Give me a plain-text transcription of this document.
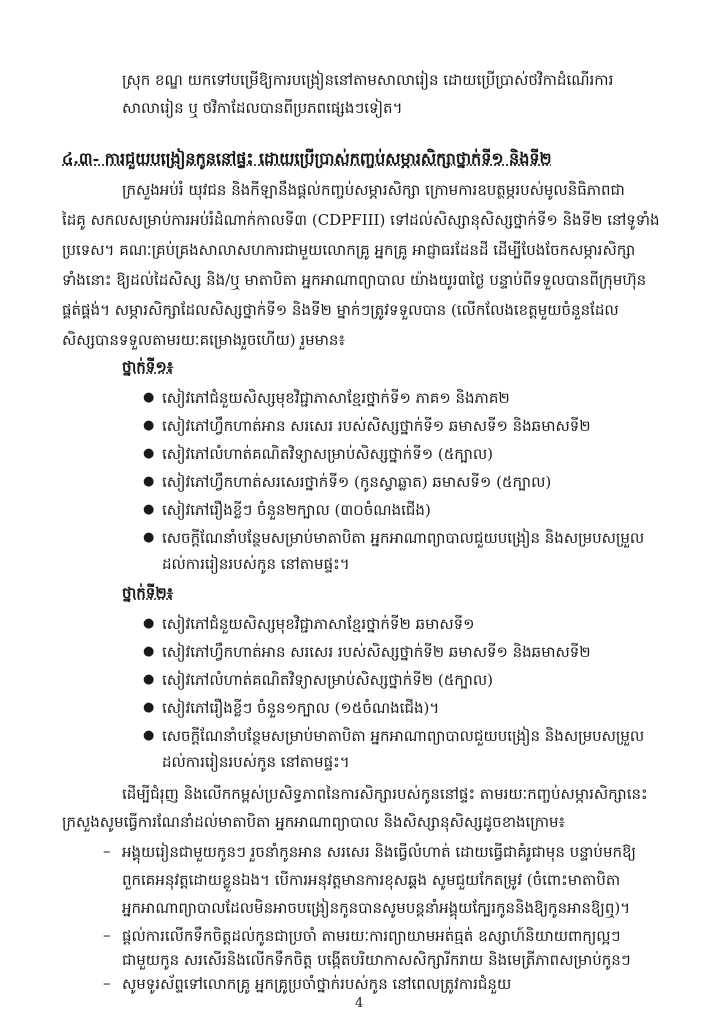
ស្រុក ខណ្ឌ យកទៅបម្រើឱ្យការបង្រៀននៅតាមសាលារៀន ដោយប្រើប្រាស់ថវិកាដំណើរការ
សាលារៀន ឬ ថវិកាដែលបានពីប្រភពផ្សេងៗទៀត។
៤.៣- ការជួយបង្រៀនកូននៅផ្ទះ ដោយប្រើប្រាស់កញ្ចប់សម្ភារសិក្សាថ្នាក់ទី១ និងទី២
ក្រសួងអប់រំ យុវជន និងកីឡានឹងផ្តល់កញ្ចប់សម្ភារសិក្សា ក្រោមការឧបត្ថម្ភរបស់មូលនិធិភាពជា
ដៃគូ សកលសម្រាប់ការអប់រំដំណាក់កាលទី៣ (CDPFIII) ទៅដល់សិស្សានុសិស្សថ្នាក់ទី១ និងទី២ នៅទូទាំង
ប្រទេស។ គណៈគ្រប់គ្រងសាលាសហការជាមួយលោកគ្រូ អ្នកគ្រូ អាជ្ញាធរដែនដី ដើម្បីបែងចែកសម្ភារសិក្សា
ទាំងនោះ ឱ្យដល់ដៃសិស្ស និង/ឬ មាតាបិតា អ្នកអាណាព្យាបាល យ៉ាងយូរ៣ថ្ងៃ បន្ទាប់ពីទទួលបានពីក្រុមហ៊ុន
ផ្គត់ផ្គង់។ សម្ភារសិក្សាដែលសិស្សថ្នាក់ទី១ និងទី២ ម្នាក់ៗត្រូវទទួលបាន (លើកលែងខេត្តមួយចំនួនដែល
សិស្សបានទទួលតាមរយៈគម្រោងរួចហើយ) រួមមាន៖
ថ្នាក់ទី១៖
● សៀវភៅជំនួយសិស្សមុខវិជ្ជាភាសាខ្មែរថ្នាក់ទី១ ភាគ១ និងភាគ២
● សៀវភៅហ្វឹកហាត់អាន សរសេរ របស់សិស្សថ្នាក់ទី១ ឆមាសទី១ និងឆមាសទី២
● សៀវភៅលំហាត់គណិតវិទ្យាសម្រាប់សិស្សថ្នាក់ទី១ (៥ក្បាល)
● សៀវភៅហ្វឹកហាត់សរសេរថ្នាក់ទី១ (កូនស្វាឆ្លាត) ឆមាសទី១ (៥ក្បាល)
● សៀវភៅរឿងខ្លីៗ ចំនួន២ក្បាល (៣០ចំណងជើង)
● សេចក្តីណែនាំបន្ថែមសម្រាប់មាតាបិតា អ្នកអាណាព្យាបាលជួយបង្រៀន និងសម្របសម្រួល
ដល់ការរៀនរបស់កូន នៅតាមផ្ទះ។
ថ្នាក់ទី២៖
● សៀវភៅជំនួយសិស្សមុខវិជ្ជាភាសាខ្មែរថ្នាក់ទី២ ឆមាសទី១
● សៀវភៅហ្វឹកហាត់អាន សរសេរ របស់សិស្សថ្នាក់ទី២ ឆមាសទី១ និងឆមាសទី២
● សៀវភៅលំហាត់គណិតវិទ្យាសម្រាប់សិស្សថ្នាក់ទី២ (៥ក្បាល)
● សៀវភៅរឿងខ្លីៗ ចំនួន១ក្បាល (១៥ចំណងជើង)។
● សេចក្តីណែនាំបន្ថែមសម្រាប់មាតាបិតា អ្នកអាណាព្យាបាលជួយបង្រៀន និងសម្របសម្រួល
ដល់ការរៀនរបស់កូន នៅតាមផ្ទះ។
ដើម្បីជំរុញ និងលើកកម្ពស់ប្រសិទ្ធភាពនៃការសិក្សារបស់កូននៅផ្ទះ តាមរយៈកញ្ចប់សម្ភារសិក្សានេះ
ក្រសួងសូមធ្វើការណែនាំដល់មាតាបិតា អ្នកអាណាព្យាបាល និងសិស្សានុសិស្សដូចខាងក្រោម៖
– អង្គុយរៀនជាមួយកូនៗ រួចនាំកូនអាន សរសេរ និងធ្វើលំហាត់ ដោយធ្វើជាគំរូជាមុន បន្ទាប់មកឱ្យ
ពួកគេអនុវត្តដោយខ្លួនឯង។ បើការអនុវត្តមានការខុសឆ្គង សូមជួយកែតម្រូវ (ចំពោះមាតាបិតា
អ្នកអាណាព្យាបាលដែលមិនអាចបង្រៀនកូនបានសូមបន្តនាំអង្គុយក្បែរកូននិងឱ្យកូនអានឱ្យឮ)។
– ផ្តល់ការលើកទឹកចិត្តដល់កូនជាប្រចាំ តាមរយៈការព្យាយាមអត់ធ្មត់ ឧស្សាហ៍និយាយពាក្យល្អៗ
ជាមួយកូន សរសើរនិងលើកទឹកចិត្ត បង្កើតបរិយាកាសសិក្សារីករាយ និងមេត្រីភាពសម្រាប់កូនៗ
– សូមទូរស័ព្ទទៅលោកគ្រូ អ្នកគ្រូប្រចាំថ្នាក់របស់កូន នៅពេលត្រូវការជំនួយ
4
